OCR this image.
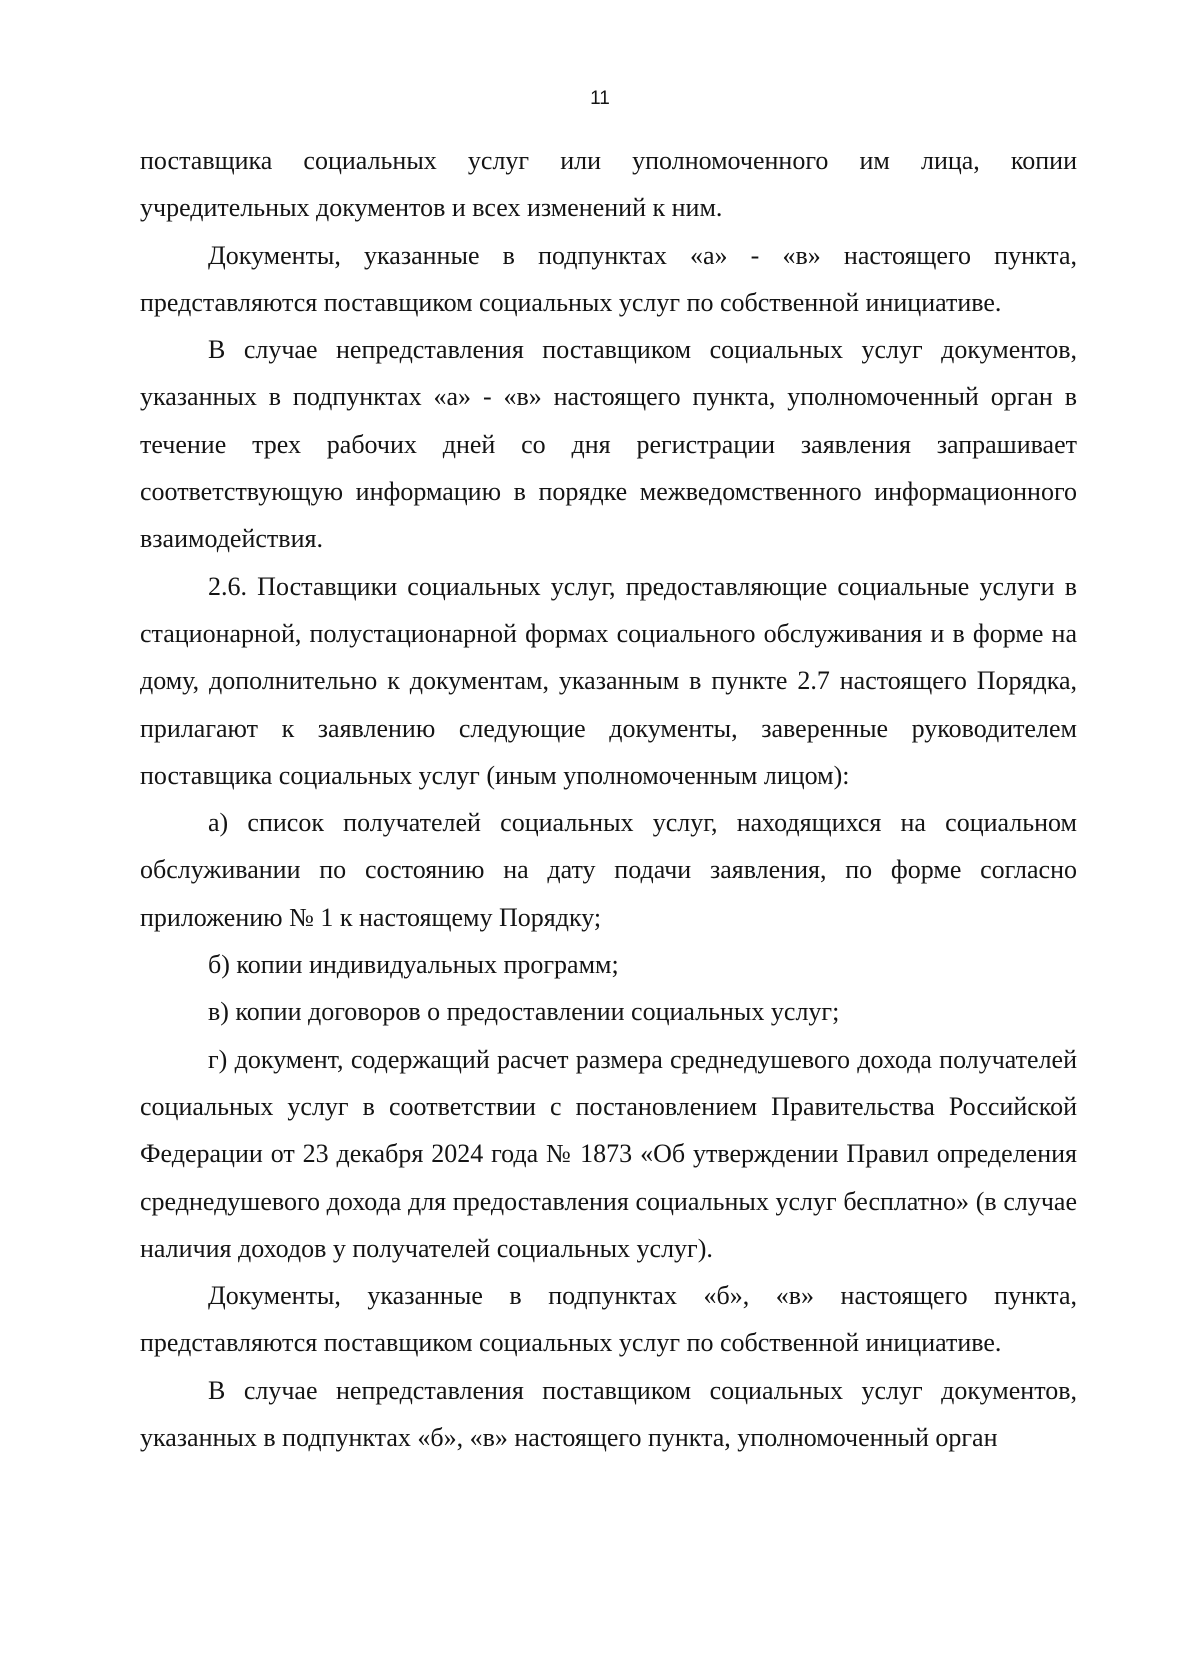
11

поставщика социальных услуг или уполномоченного им лица, копии учредительных документов и всех изменений к ним.

Документы, указанные в подпунктах «а» - «в» настоящего пункта, представляются поставщиком социальных услуг по собственной инициативе.

В случае непредставления поставщиком социальных услуг документов, указанных в подпунктах «а» - «в» настоящего пункта, уполномоченный орган в течение трех рабочих дней со дня регистрации заявления запрашивает соответствующую информацию в порядке межведомственного информационного взаимодействия.

2.6. Поставщики социальных услуг, предоставляющие социальные услуги в стационарной, полустационарной формах социального обслуживания и в форме на дому, дополнительно к документам, указанным в пункте 2.7 настоящего Порядка, прилагают к заявлению следующие документы, заверенные руководителем поставщика социальных услуг (иным уполномоченным лицом):

а) список получателей социальных услуг, находящихся на социальном обслуживании по состоянию на дату подачи заявления, по форме согласно приложению № 1 к настоящему Порядку;

б) копии индивидуальных программ;

в) копии договоров о предоставлении социальных услуг;

г) документ, содержащий расчет размера среднедушевого дохода получателей социальных услуг в соответствии с постановлением Правительства Российской Федерации от 23 декабря 2024 года № 1873 «Об утверждении Правил определения среднедушевого дохода для предоставления социальных услуг бесплатно» (в случае наличия доходов у получателей социальных услуг).

Документы, указанные в подпунктах «б», «в» настоящего пункта, представляются поставщиком социальных услуг по собственной инициативе.

В случае непредставления поставщиком социальных услуг документов, указанных в подпунктах «б», «в» настоящего пункта, уполномоченный орган
